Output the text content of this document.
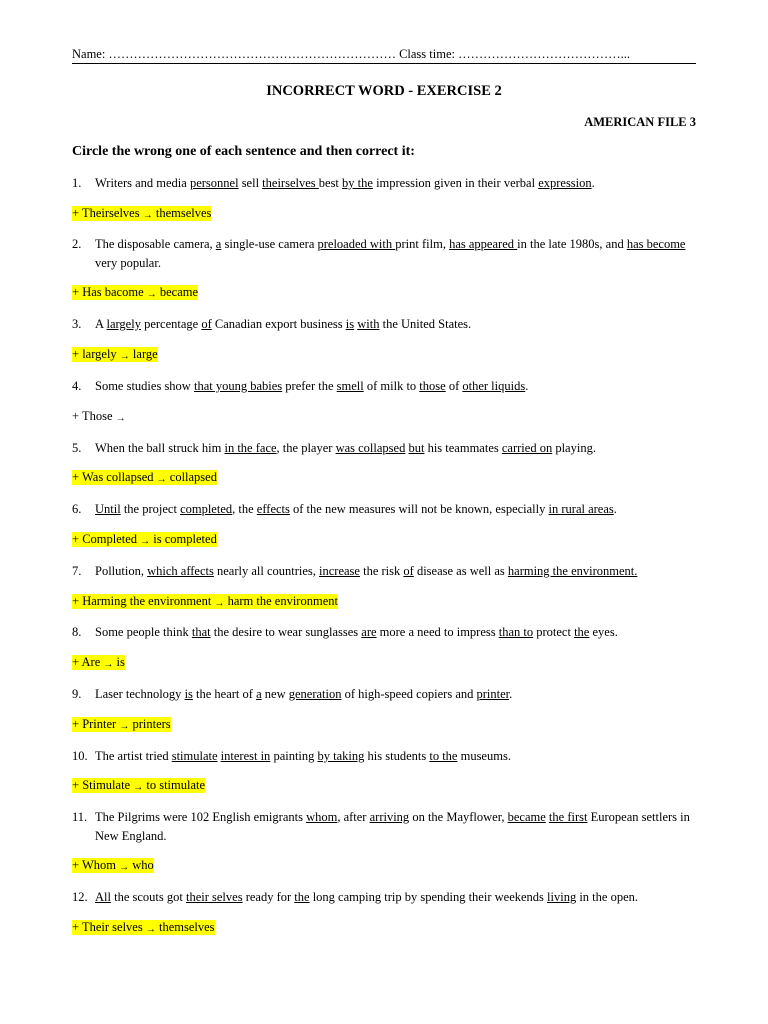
Name: …………………………………………………………… Class time: …………………………………...
INCORRECT WORD - EXERCISE 2
AMERICAN FILE 3
Circle the wrong one of each sentence and then correct it:
1.	Writers and media personnel sell theirselves best by the impression given in their verbal expression.
+ Theirselves → themselves
2.	The disposable camera, a single-use camera preloaded with print film, has appeared in the late 1980s, and has become very popular.
+ Has bacome → became
3.	A largely percentage of Canadian export business is with the United States.
+ largely → large
4.	Some studies show that young babies prefer the smell of milk to those of other liquids.
+ Those →
5.	When the ball struck him in the face, the player was collapsed but his teammates carried on playing.
+ Was collapsed → collapsed
6.	Until the project completed, the effects of the new measures will not be known, especially in rural areas.
+ Completed → is completed
7.	Pollution, which affects nearly all countries, increase the risk of disease as well as harming the environment.
+ Harming the environment → harm the environment
8.	Some people think that the desire to wear sunglasses are more a need to impress than to protect the eyes.
+ Are → is
9.	Laser technology is the heart of a new generation of high-speed copiers and printer.
+ Printer → printers
10. The artist tried stimulate interest in painting by taking his students to the museums.
+ Stimulate → to stimulate
11. The Pilgrims were 102 English emigrants whom, after arriving on the Mayflower, became the first European settlers in New England.
+ Whom → who
12. All the scouts got their selves ready for the long camping trip by spending their weekends living in the open.
+ Their selves → themselves
